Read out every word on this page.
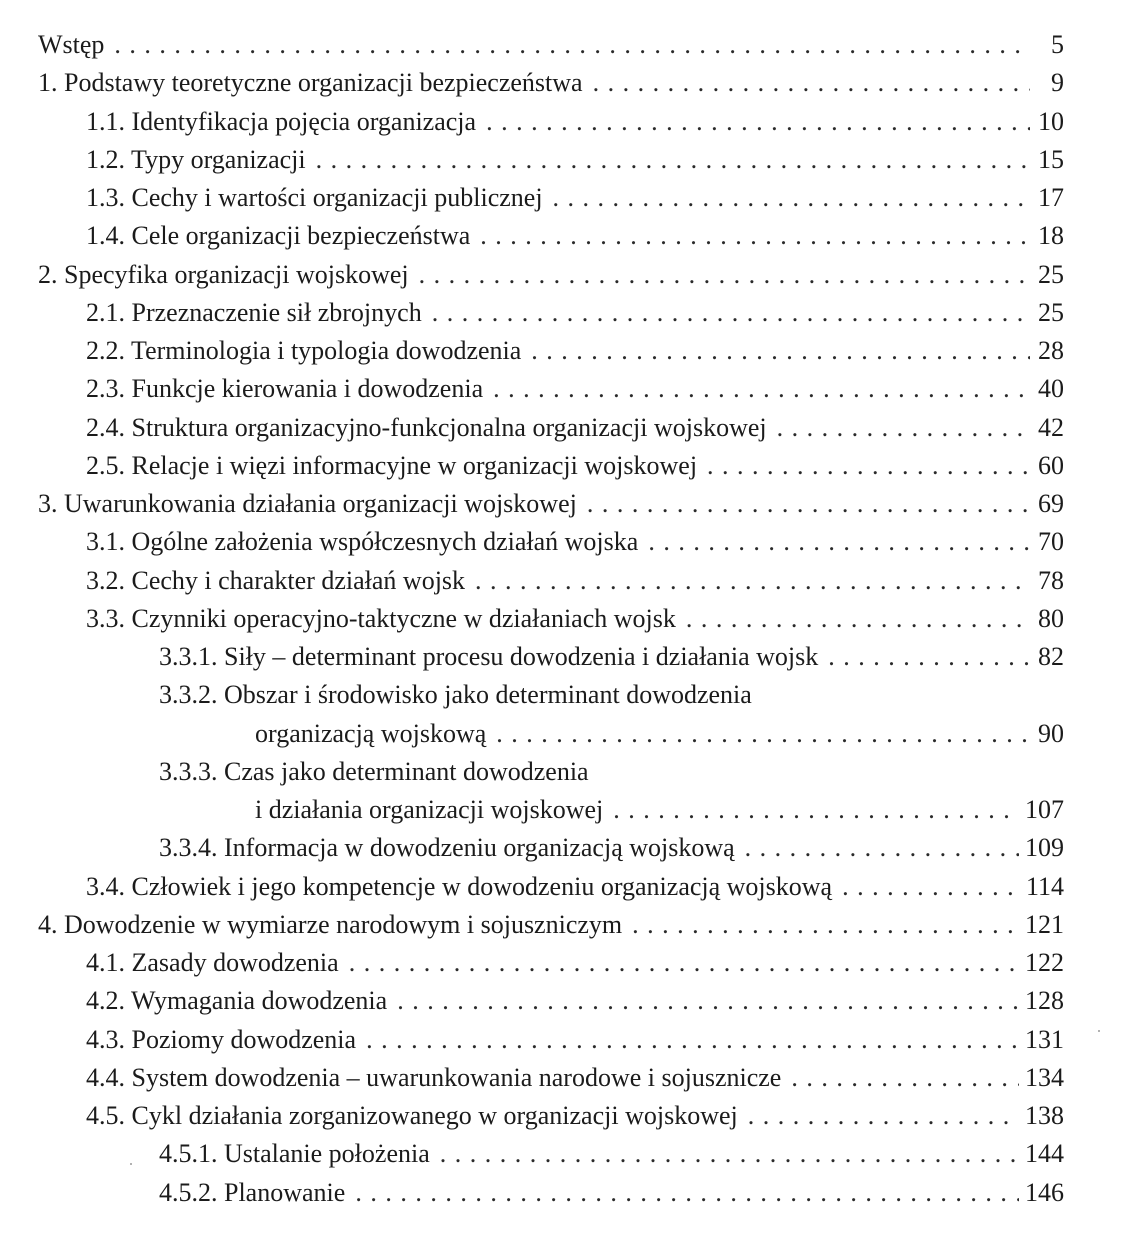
Wstęp . . .	5
1. Podstawy teoretyczne organizacji bezpieczeństwa . . .	9
1.1. Identyfikacja pojęcia organizacja . . .	10
1.2. Typy organizacji . . .	15
1.3. Cechy i wartości organizacji publicznej . . .	17
1.4. Cele organizacji bezpieczeństwa . . .	18
2. Specyfika organizacji wojskowej . . .	25
2.1. Przeznaczenie sił zbrojnych . . .	25
2.2. Terminologia i typologia dowodzenia . . .	28
2.3. Funkcje kierowania i dowodzenia . . .	40
2.4. Struktura organizacyjno-funkcjonalna organizacji wojskowej . . .	42
2.5. Relacje i więzi informacyjne w organizacji wojskowej . . .	60
3. Uwarunkowania działania organizacji wojskowej . . .	69
3.1. Ogólne założenia współczesnych działań wojska . . .	70
3.2. Cechy i charakter działań wojsk . . .	78
3.3. Czynniki operacyjno-taktyczne w działaniach wojsk . . .	80
3.3.1. Siły – determinant procesu dowodzenia i działania wojsk . . .	82
3.3.2. Obszar i środowisko jako determinant dowodzenia
organizacją wojskową . . .	90
3.3.3. Czas jako determinant dowodzenia
i działania organizacji wojskowej . . .	107
3.3.4. Informacja w dowodzeniu organizacją wojskową . . .	109
3.4. Człowiek i jego kompetencje w dowodzeniu organizacją wojskową . . .	114
4. Dowodzenie w wymiarze narodowym i sojuszniczym . . .	121
4.1. Zasady dowodzenia . . .	122
4.2. Wymagania dowodzenia . . .	128
4.3. Poziomy dowodzenia . . .	131
4.4. System dowodzenia – uwarunkowania narodowe i sojusznicze . . .	134
4.5. Cykl działania zorganizowanego w organizacji wojskowej . . .	138
4.5.1. Ustalanie położenia . . .	144
4.5.2. Planowanie . . .	146
